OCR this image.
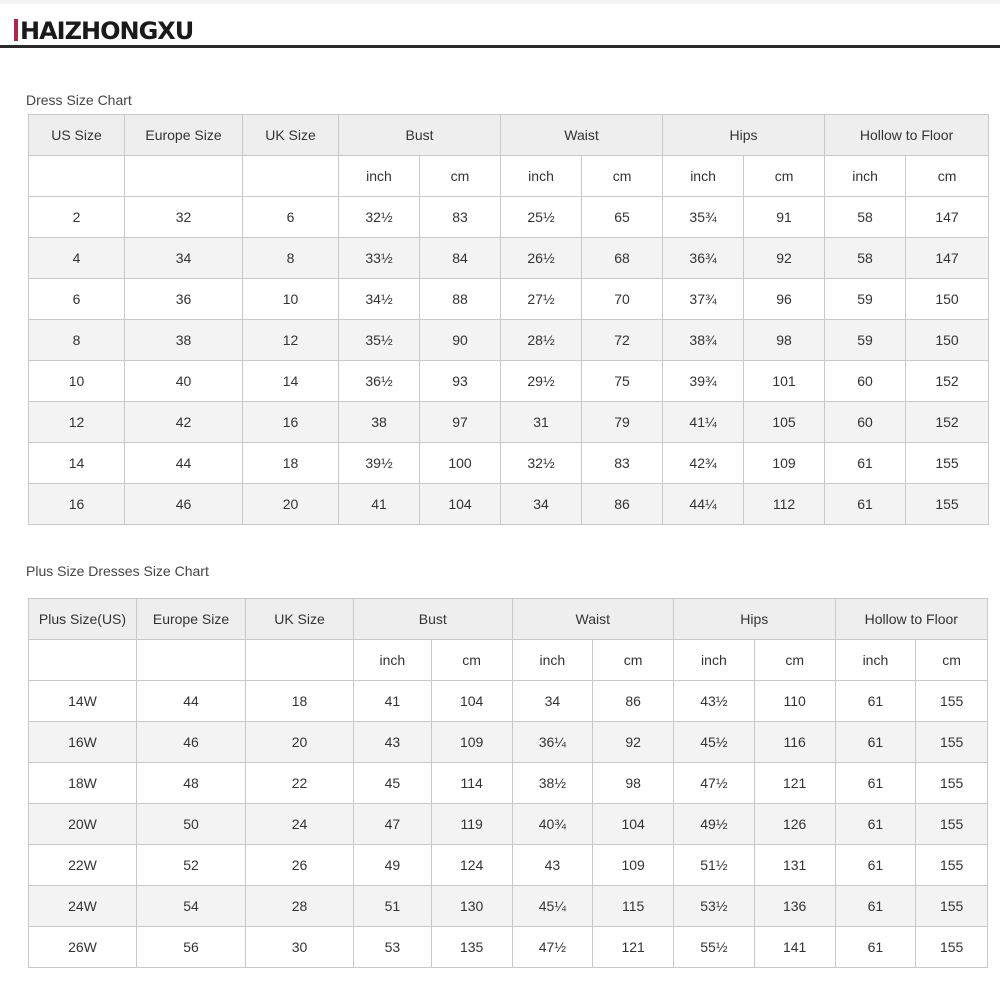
HAIZHONGXU
Dress Size Chart
US Size	Europe Size	UK Size	Bust		Waist		Hips		Hollow to Floor	
			inch	cm	inch	cm	inch	cm	inch	cm
2	32	6	32½	83	25½	65	35¾	91	58	147
4	34	8	33½	84	26½	68	36¾	92	58	147
6	36	10	34½	88	27½	70	37¾	96	59	150
8	38	12	35½	90	28½	72	38¾	98	59	150
10	40	14	36½	93	29½	75	39¾	101	60	152
12	42	16	38	97	31	79	41¼	105	60	152
14	44	18	39½	100	32½	83	42¾	109	61	155
16	46	20	41	104	34	86	44¼	112	61	155
Plus Size Dresses Size Chart
Plus Size(US)	Europe Size	UK Size	Bust		Waist		Hips		Hollow to Floor	
			inch	cm	inch	cm	inch	cm	inch	cm
14W	44	18	41	104	34	86	43½	110	61	155
16W	46	20	43	109	36¼	92	45½	116	61	155
18W	48	22	45	114	38½	98	47½	121	61	155
20W	50	24	47	119	40¾	104	49½	126	61	155
22W	52	26	49	124	43	109	51½	131	61	155
24W	54	28	51	130	45¼	115	53½	136	61	155
26W	56	30	53	135	47½	121	55½	141	61	155
